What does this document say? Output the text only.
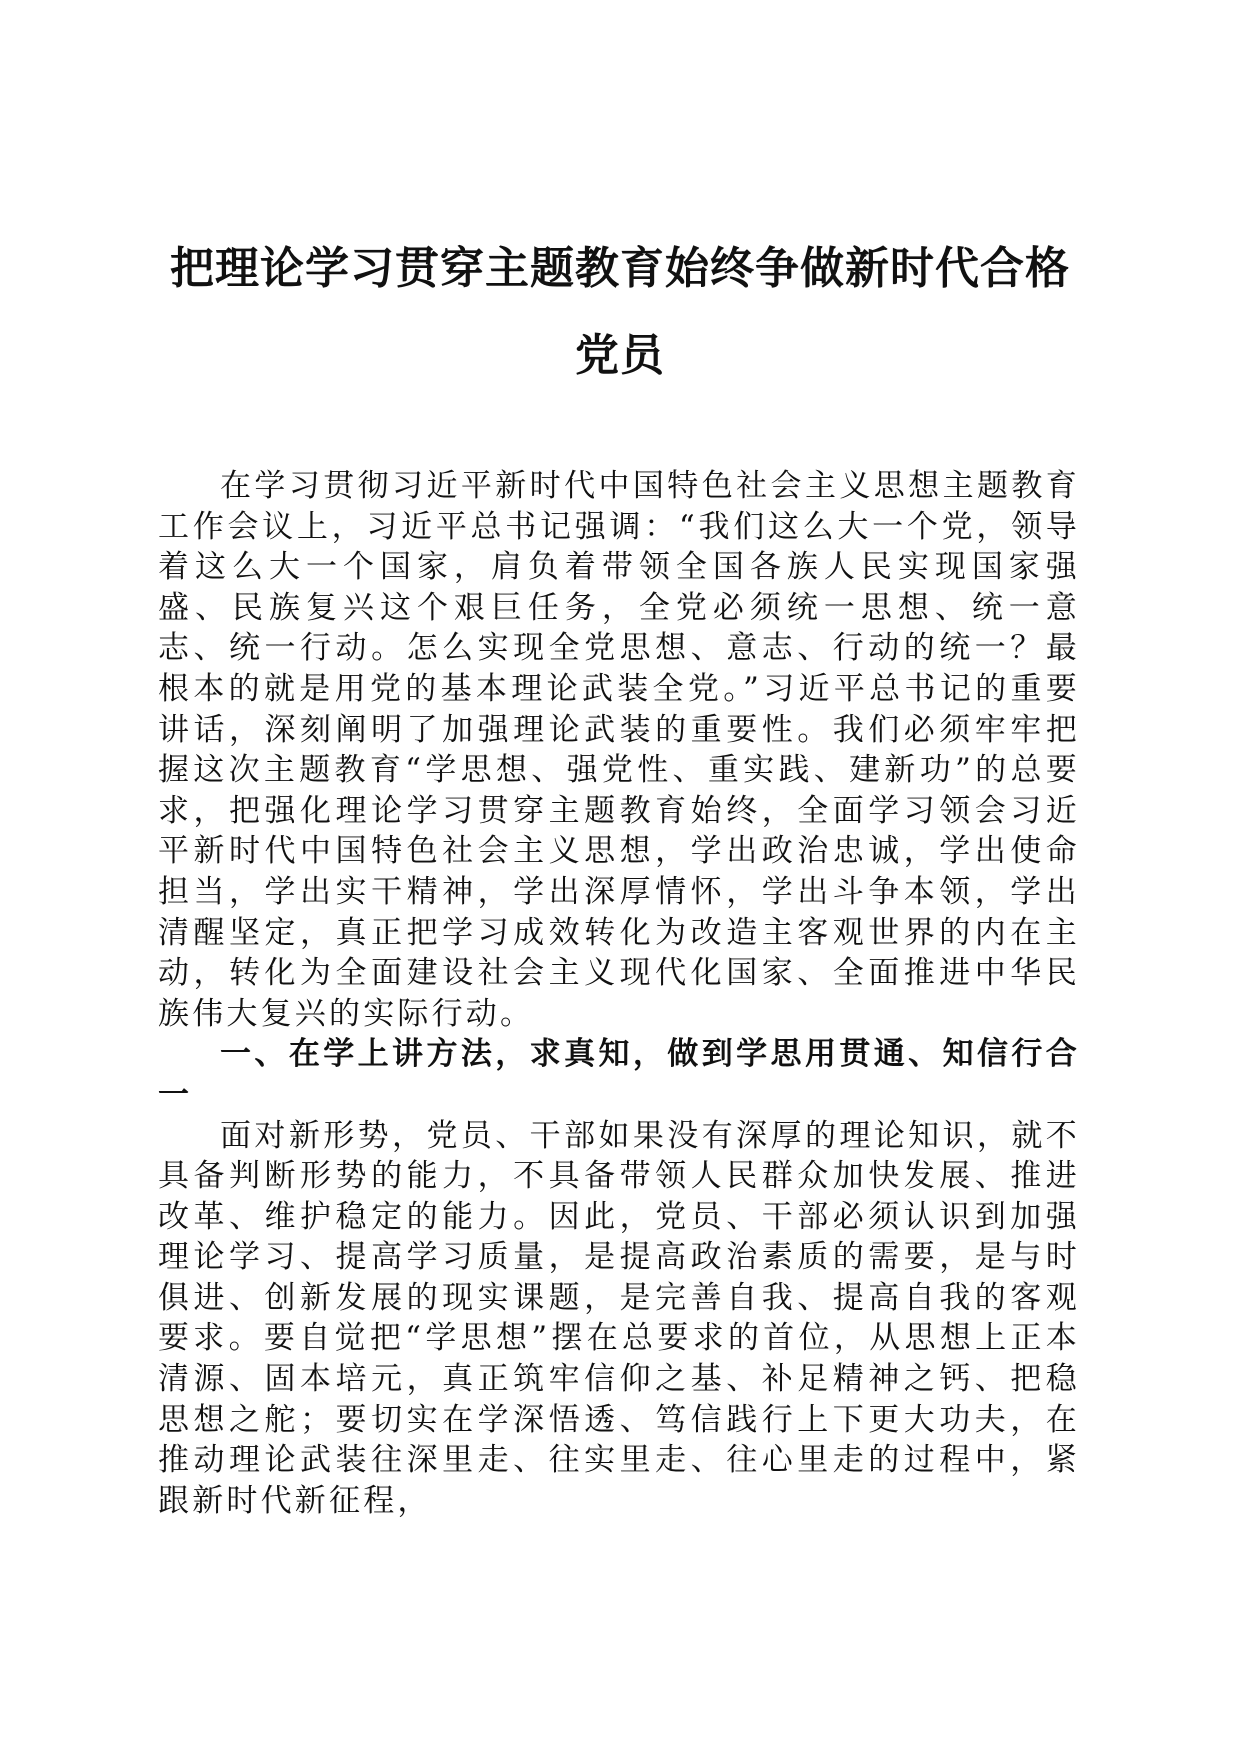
把理论学习贯穿主题教育始终争做新时代合格党员

在学习贯彻习近平新时代中国特色社会主义思想主题教育工作会议上，习近平总书记强调：“我们这么大一个党，领导着这么大一个国家，肩负着带领全国各族人民实现国家强盛、民族复兴这个艰巨任务，全党必须统一思想、统一意志、统一行动。怎么实现全党思想、意志、行动的统一？最根本的就是用党的基本理论武装全党。”习近平总书记的重要讲话，深刻阐明了加强理论武装的重要性。我们必须牢牢把握这次主题教育“学思想、强党性、重实践、建新功”的总要求，把强化理论学习贯穿主题教育始终，全面学习领会习近平新时代中国特色社会主义思想，学出政治忠诚，学出使命担当，学出实干精神，学出深厚情怀，学出斗争本领，学出清醒坚定，真正把学习成效转化为改造主客观世界的内在主动，转化为全面建设社会主义现代化国家、全面推进中华民族伟大复兴的实际行动。

一、在学上讲方法，求真知，做到学思用贯通、知信行合一

面对新形势，党员、干部如果没有深厚的理论知识，就不具备判断形势的能力，不具备带领人民群众加快发展、推进改革、维护稳定的能力。因此，党员、干部必须认识到加强理论学习、提高学习质量，是提高政治素质的需要，是与时俱进、创新发展的现实课题，是完善自我、提高自我的客观要求。要自觉把“学思想”摆在总要求的首位，从思想上正本清源、固本培元，真正筑牢信仰之基、补足精神之钙、把稳思想之舵；要切实在学深悟透、笃信践行上下更大功夫，在推动理论武装往深里走、往实里走、往心里走的过程中，紧跟新时代新征程，
